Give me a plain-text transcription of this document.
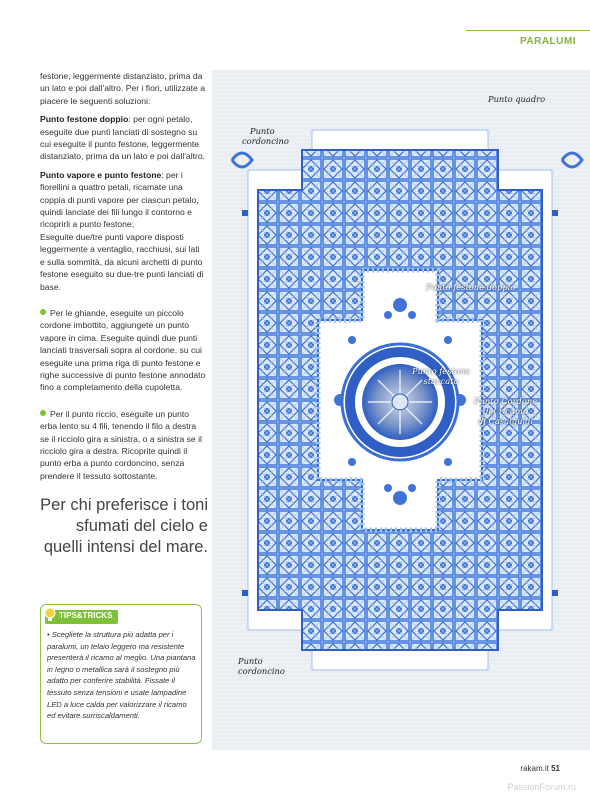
PARALUMI

festone, leggermente distanziato, prima da un lato e poi dall'altro. Per i fiori, utilizzate a piacere le seguenti soluzioni:

Punto festone doppio: per ogni petalo, eseguite due punti lanciati di sostegno su cui eseguite il punto festone, leggermente distanziato, prima da un lato e poi dall'altro.

Punto vapore e punto festone: per i fiorellini a quattro petali, ricamate una coppia di punti vapore per ciascun petalo, quindi lanciate dei fili lungo il contorno e ricoprirli a punto festone;

Eseguite due/tre punti vapore disposti leggermente a ventaglio, racchiusi, sui lati e sulla sommità, da alcuni archetti di punto festone eseguito su due-tre punti lanciati di base.

Per le ghiande, eseguite un piccolo cordone imbottito, aggiungete un punto vapore in cima. Eseguite quindi due punti lanciati trasversali sopra al cordone, su cui eseguite una prima riga di punto festone e righe successive di punto festone annodato fino a completamento della cupoletta.

Per il punto riccio, eseguite un punto erba lento su 4 fili, tenendo il filo a destra se il ricciolo gira a sinistra, o a sinistra se il ricciolo gira a destra. Ricoprite quindi il punto erba a punto cordoncino, senza prendere il tessuto sottostante.

Per chi preferisce i toni sfumati del cielo e quelli intensi del mare.
TIPS&TRICKS
• Scegliete la struttura più adatta per i paralumi, un telaio leggero ma resistente presenterà il ricamo al meglio. Una piantana in legno o metallica sarà il sostegno più adatto per conferire stabilità. Fissate il tessuto senza tensioni e usate lampadine LED a luce calda per valorizzare il ricamo ed evitare surriscaldamenti.
Punto quadro
Punto
cordoncino
Punto festone doppio
Punto festone
staccato
Punto Cordone
del ricamo
di Casalguidi
Punto
cordoncino
rakam.it 51
PassionForum.ru
